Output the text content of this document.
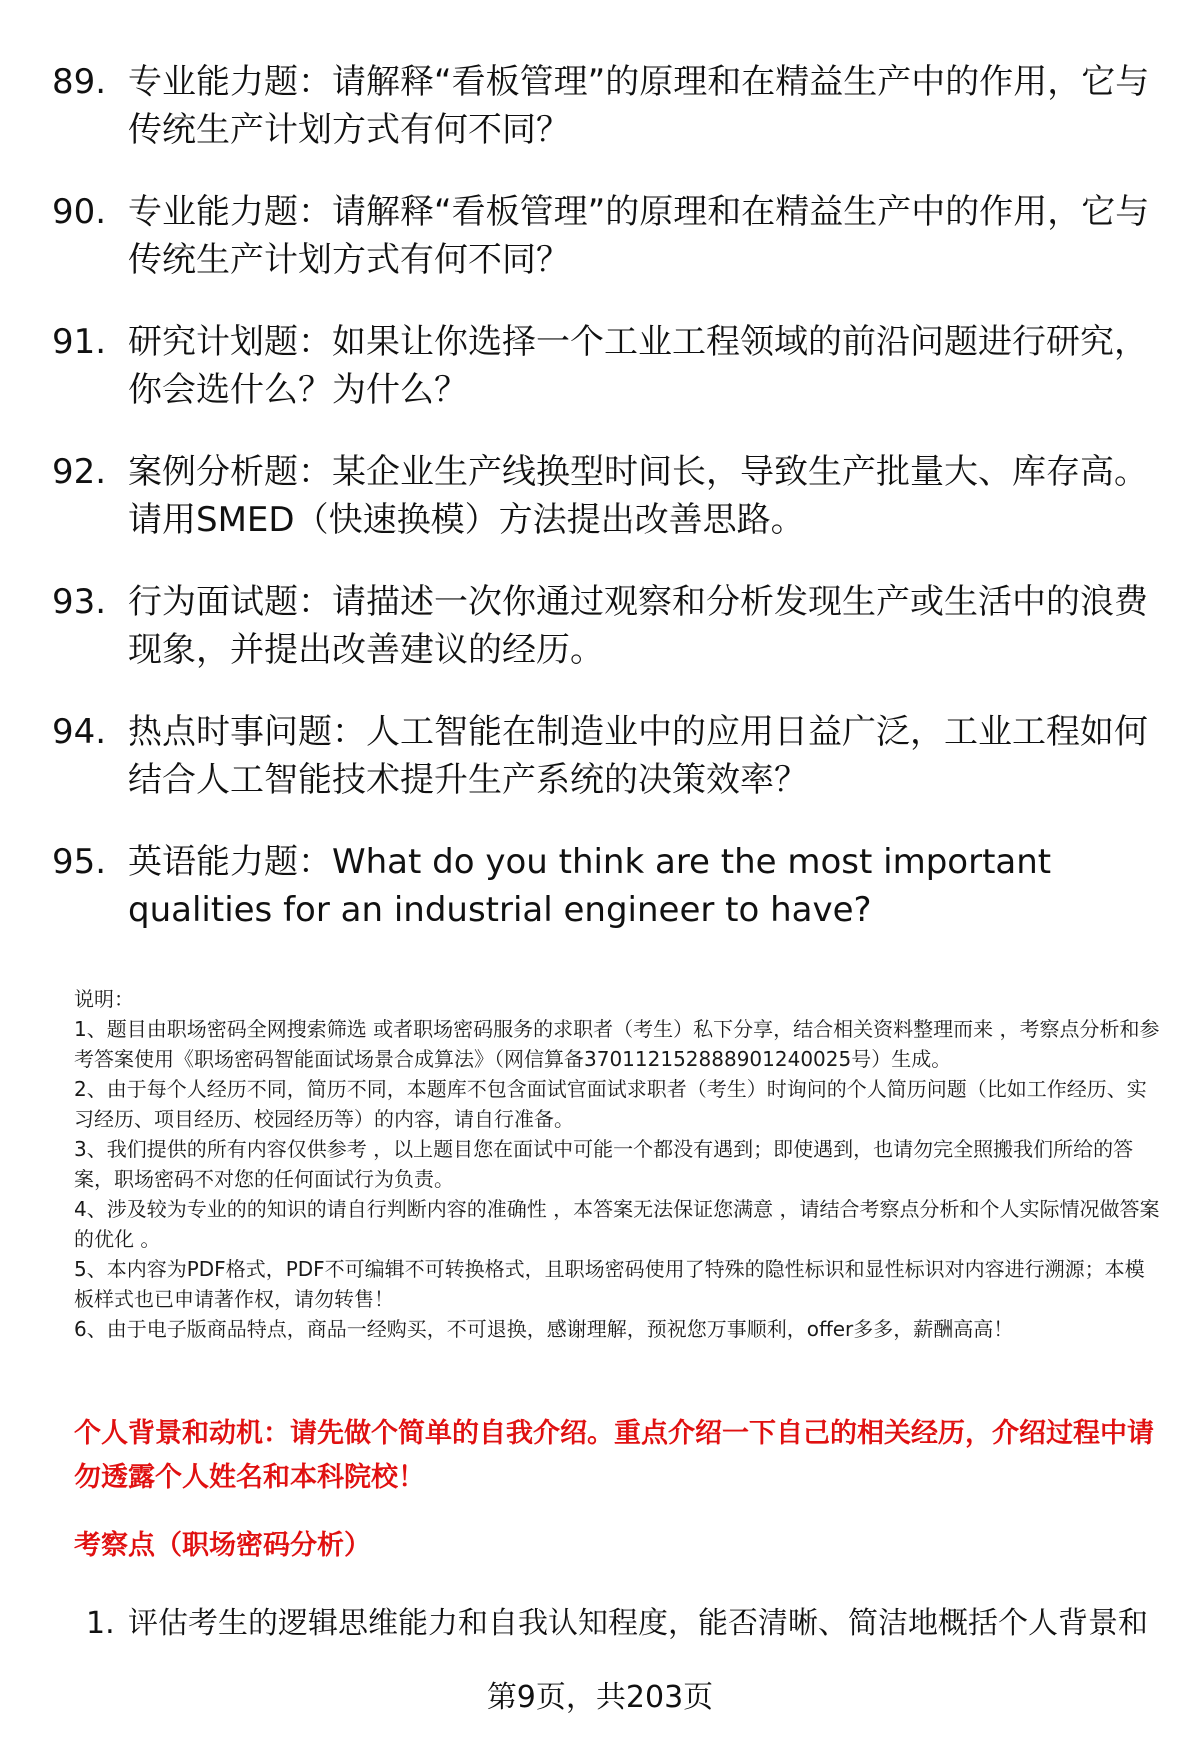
89. 专业能力题：请解释“看板管理”的原理和在精益生产中的作用，它与传统生产计划方式有何不同？
90. 专业能力题：请解释“看板管理”的原理和在精益生产中的作用，它与传统生产计划方式有何不同？
91. 研究计划题：如果让你选择一个工业工程领域的前沿问题进行研究，你会选什么？为什么？
92. 案例分析题：某企业生产线换型时间长，导致生产批量大、库存高。请用SMED（快速换模）方法提出改善思路。
93. 行为面试题：请描述一次你通过观察和分析发现生产或生活中的浪费现象，并提出改善建议的经历。
94. 热点时事问题：人工智能在制造业中的应用日益广泛，工业工程如何结合人工智能技术提升生产系统的决策效率？
95. 英语能力题：What do you think are the most important qualities for an industrial engineer to have?

说明：

1、题目由职场密码全网搜索筛选 或者职场密码服务的求职者（考生）私下分享，结合相关资料整理而来 ，考察点分析和参考答案使用《职场密码智能面试场景合成算法》（网信算备370112152888901240025号）生成。

2、由于每个人经历不同，简历不同，本题库不包含面试官面试求职者（考生）时询问的个人简历问题（比如工作经历、实习经历、项目经历、校园经历等）的内容，请自行准备。

3、我们提供的所有内容仅供参考 ，以上题目您在面试中可能一个都没有遇到；即使遇到，也请勿完全照搬我们所给的答案，职场密码不对您的任何面试行为负责。

4、涉及较为专业的的知识的请自行判断内容的准确性 ，本答案无法保证您满意 ，请结合考察点分析和个人实际情况做答案的优化 。

5、本内容为PDF格式，PDF不可编辑不可转换格式，且职场密码使用了特殊的隐性标识和显性标识对内容进行溯源；本模板样式也已申请著作权，请勿转售！

6、由于电子版商品特点，商品一经购买，不可退换，感谢理解，预祝您万事顺利，offer多多，薪酬高高！

个人背景和动机：请先做个简单的自我介绍。重点介绍一下自己的相关经历，介绍过程中请勿透露个人姓名和本科院校！
考察点（职场密码分析）
1. 评估考生的逻辑思维能力和自我认知程度，能否清晰、简洁地概括个人背景和
第9页，共203页
